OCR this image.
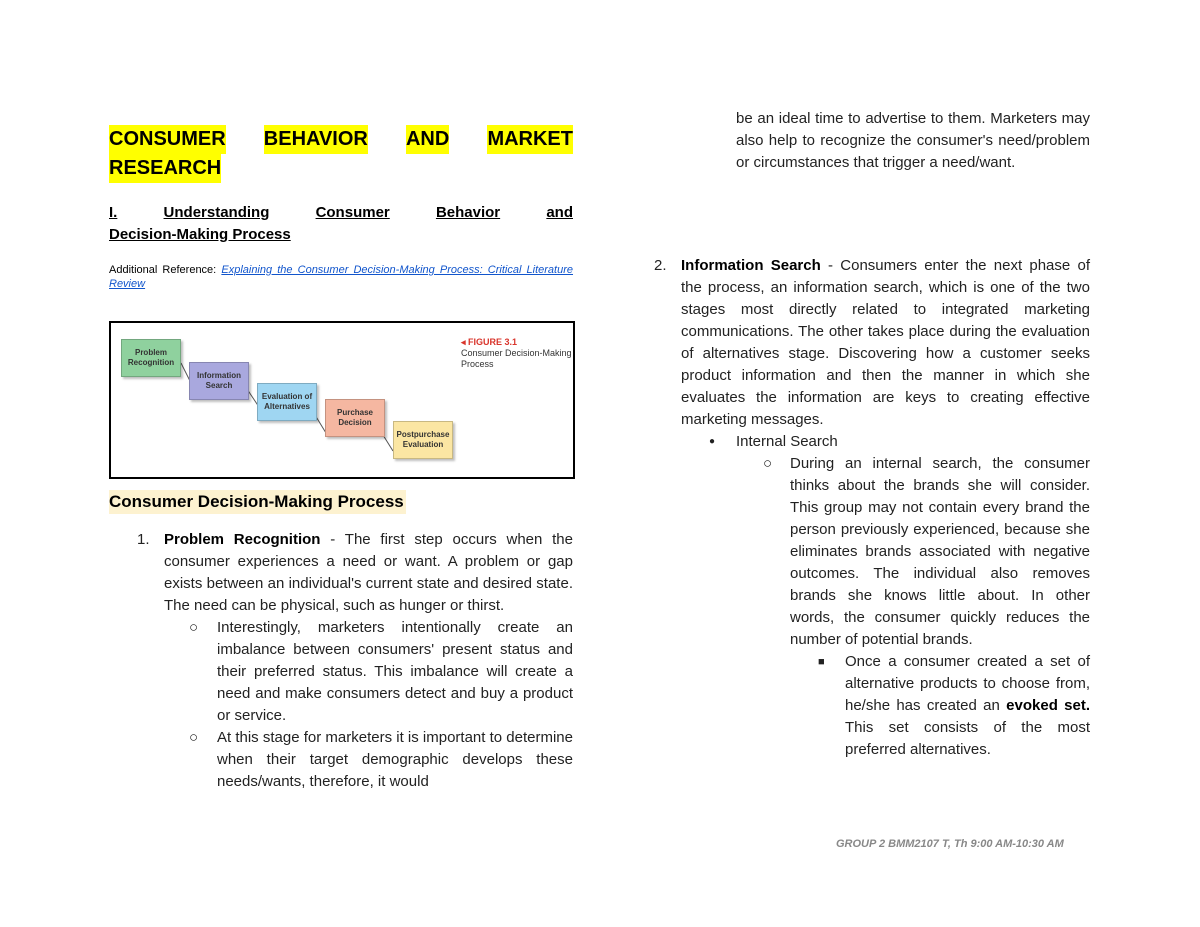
CONSUMER BEHAVIOR AND MARKET
RESEARCH
I.	Understanding	Consumer	Behavior	and
Decision-Making Process
Additional Reference: Explaining the Consumer Decision-Making Process: Critical Literature Review
Problem Recognition
Information Search
Evaluation of Alternatives
Purchase Decision
Postpurchase Evaluation
◂ FIGURE 3.1
Consumer Decision-Making
Process
Consumer Decision-Making Process
1. Problem Recognition - The first step occurs when the consumer experiences a need or want. A problem or gap exists between an individual's current state and desired state. The need can be physical, such as hunger or thirst.
○ Interestingly, marketers intentionally create an imbalance between consumers' present status and their preferred status. This imbalance will create a need and make consumers detect and buy a product or service.
○ At this stage for marketers it is important to determine when their target demographic develops these needs/wants, therefore, it would
be an ideal time to advertise to them. Marketers may also help to recognize the consumer's need/problem or circumstances that trigger a need/want.
2. Information Search - Consumers enter the next phase of the process, an information search, which is one of the two stages most directly related to integrated marketing communications. The other takes place during the evaluation of alternatives stage. Discovering how a customer seeks product information and then the manner in which she evaluates the information are keys to creating effective marketing messages.
● Internal Search
○ During an internal search, the consumer thinks about the brands she will consider. This group may not contain every brand the person previously experienced, because she eliminates brands associated with negative outcomes. The individual also removes brands she knows little about. In other words, the consumer quickly reduces the number of potential brands.
■ Once a consumer created a set of alternative products to choose from, he/she has created an evoked set. This set consists of the most preferred alternatives.
GROUP 2 BMM2107 T, Th 9:00 AM-10:30 AM
